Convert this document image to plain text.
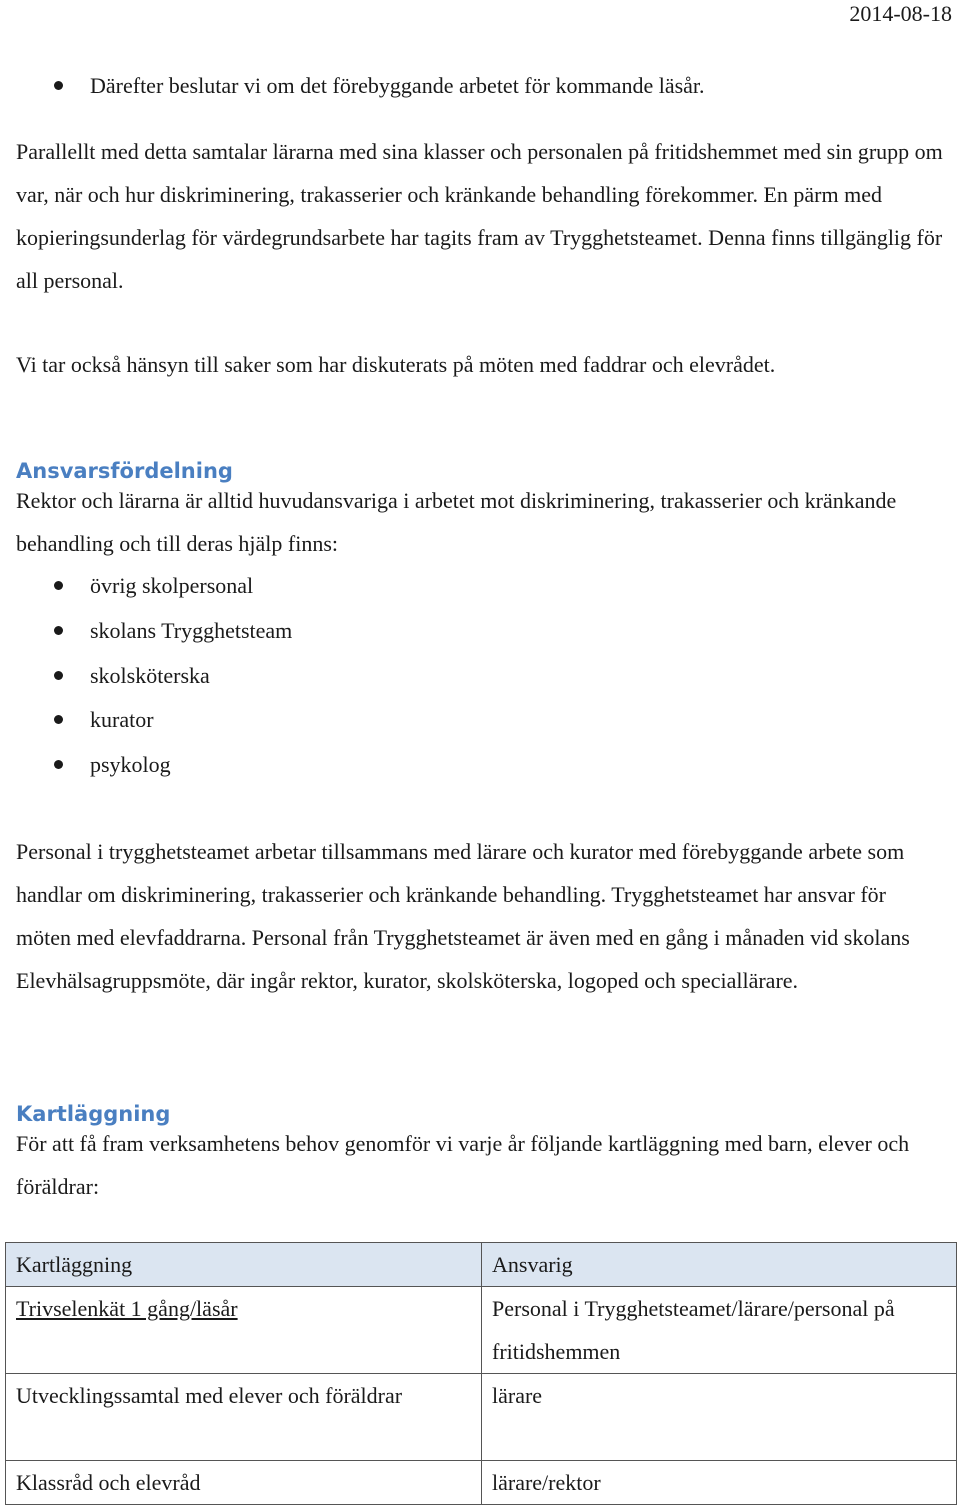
2014-08-18
Därefter beslutar vi om det förebyggande arbetet för kommande läsår.
Parallellt med detta samtalar lärarna med sina klasser och personalen på fritidshemmet med sin grupp om var, när och hur diskriminering, trakasserier och kränkande behandling förekommer. En pärm med kopieringsunderlag för värdegrundsarbete har tagits fram av Trygghetsteamet. Denna finns tillgänglig för all personal.
Vi tar också hänsyn till saker som har diskuterats på möten med faddrar och elevrådet.
Ansvarsfördelning
Rektor och lärarna är alltid huvudansvariga i arbetet mot diskriminering, trakasserier och kränkande behandling och till deras hjälp finns:
övrig skolpersonal
skolans Trygghetsteam
skolsköterska
kurator
psykolog
Personal i trygghetsteamet arbetar tillsammans med lärare och kurator med förebyggande arbete som handlar om diskriminering, trakasserier och kränkande behandling. Trygghetsteamet har ansvar för möten med elevfaddrarna. Personal från Trygghetsteamet är även med en gång i månaden vid skolans Elevhälsagruppsmöte, där ingår rektor, kurator, skolsköterska, logoped och speciallärare.
Kartläggning
För att få fram verksamhetens behov genomför vi varje år följande kartläggning med barn, elever och föräldrar:
Kartläggning	Ansvarig
Trivselenkät 1 gång/läsår	Personal i Trygghetsteamet/lärare/personal på fritidshemmen
Utvecklingssamtal med elever och föräldrar	lärare
Klassråd och elevråd	lärare/rektor
